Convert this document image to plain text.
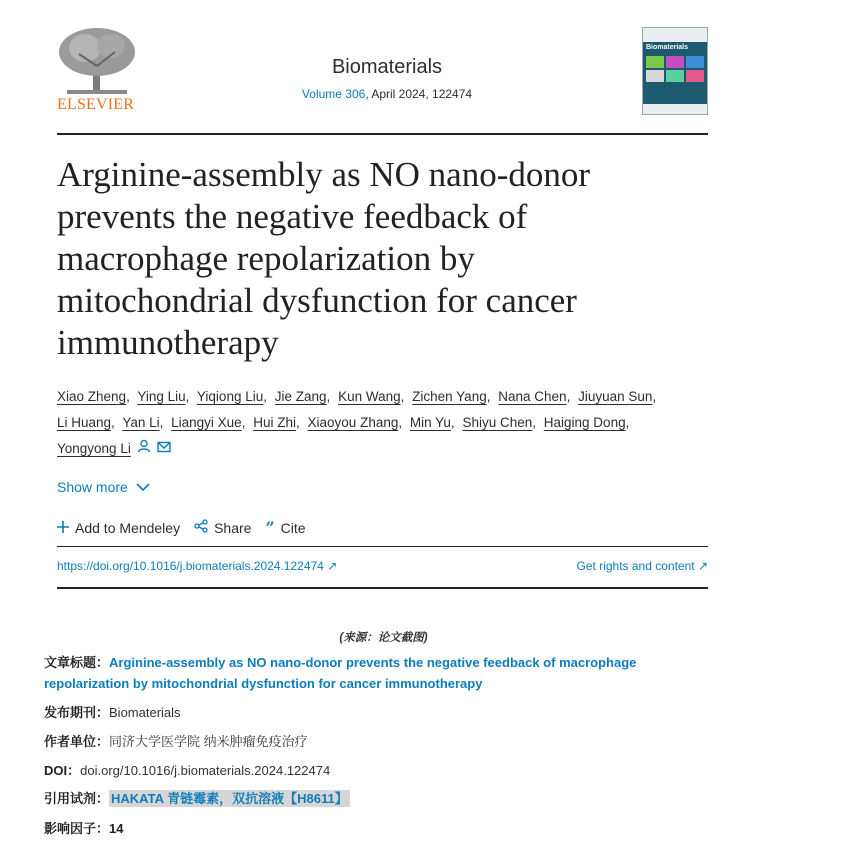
ELSEVIER
Biomaterials
Volume 306, April 2024, 122474
Biomaterials
Arginine-assembly as NO nano-donor
prevents the negative feedback of
macrophage repolarization by
mitochondrial dysfunction for cancer
immunotherapy
Xiao Zheng, Ying Liu, Yiqiong Liu, Jie Zang, Kun Wang, Zichen Yang, Nana Chen, Jiuyuan Sun,
Li Huang, Yan Li, Liangyi Xue, Hui Zhi, Xiaoyou Zhang, Min Yu, Shiyu Chen, Haiging Dong,
Yongyong Li
Show more
Add to Mendeley Share ” Cite
https://doi.org/10.1016/j.biomaterials.2024.122474 ↗	Get rights and content ↗
(来源：论文截图)
文章标题：Arginine-assembly as NO nano-donor prevents the negative feedback of macrophage
repolarization by mitochondrial dysfunction for cancer immunotherapy
发布期刊：Biomaterials
作者单位：同济大学医学院 纳米肿瘤免疫治疗
DOI：doi.org/10.1016/j.biomaterials.2024.122474
引用试剂： HAKATA 青链霉素，双抗溶液【H8611】
影响因子：14
